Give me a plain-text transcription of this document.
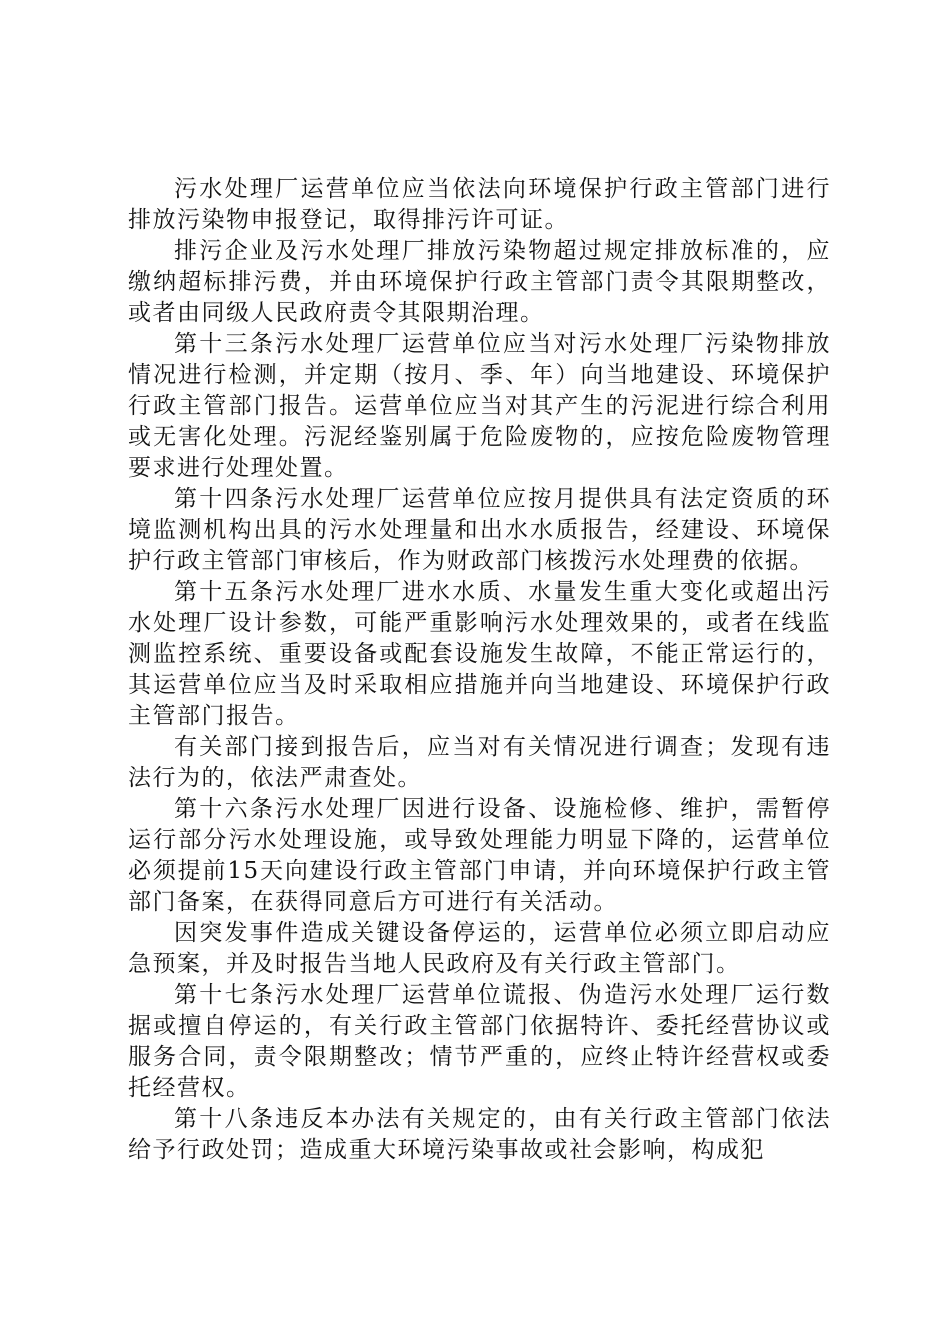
污水处理厂运营单位应当依法向环境保护行政主管部门进行排放污染物申报登记，取得排污许可证。

排污企业及污水处理厂排放污染物超过规定排放标准的，应缴纳超标排污费，并由环境保护行政主管部门责令其限期整改，或者由同级人民政府责令其限期治理。

第十三条污水处理厂运营单位应当对污水处理厂污染物排放情况进行检测，并定期（按月、季、年）向当地建设、环境保护行政主管部门报告。运营单位应当对其产生的污泥进行综合利用或无害化处理。污泥经鉴别属于危险废物的，应按危险废物管理要求进行处理处置。

第十四条污水处理厂运营单位应按月提供具有法定资质的环境监测机构出具的污水处理量和出水水质报告，经建设、环境保护行政主管部门审核后，作为财政部门核拨污水处理费的依据。

第十五条污水处理厂进水水质、水量发生重大变化或超出污水处理厂设计参数，可能严重影响污水处理效果的，或者在线监测监控系统、重要设备或配套设施发生故障，不能正常运行的，其运营单位应当及时采取相应措施并向当地建设、环境保护行政主管部门报告。

有关部门接到报告后，应当对有关情况进行调查；发现有违法行为的，依法严肃查处。

第十六条污水处理厂因进行设备、设施检修、维护，需暂停运行部分污水处理设施，或导致处理能力明显下降的，运营单位必须提前15天向建设行政主管部门申请，并向环境保护行政主管部门备案，在获得同意后方可进行有关活动。

因突发事件造成关键设备停运的，运营单位必须立即启动应急预案，并及时报告当地人民政府及有关行政主管部门。

第十七条污水处理厂运营单位谎报、伪造污水处理厂运行数据或擅自停运的，有关行政主管部门依据特许、委托经营协议或服务合同，责令限期整改；情节严重的，应终止特许经营权或委托经营权。

第十八条违反本办法有关规定的，由有关行政主管部门依法给予行政处罚；造成重大环境污染事故或社会影响，构成犯
